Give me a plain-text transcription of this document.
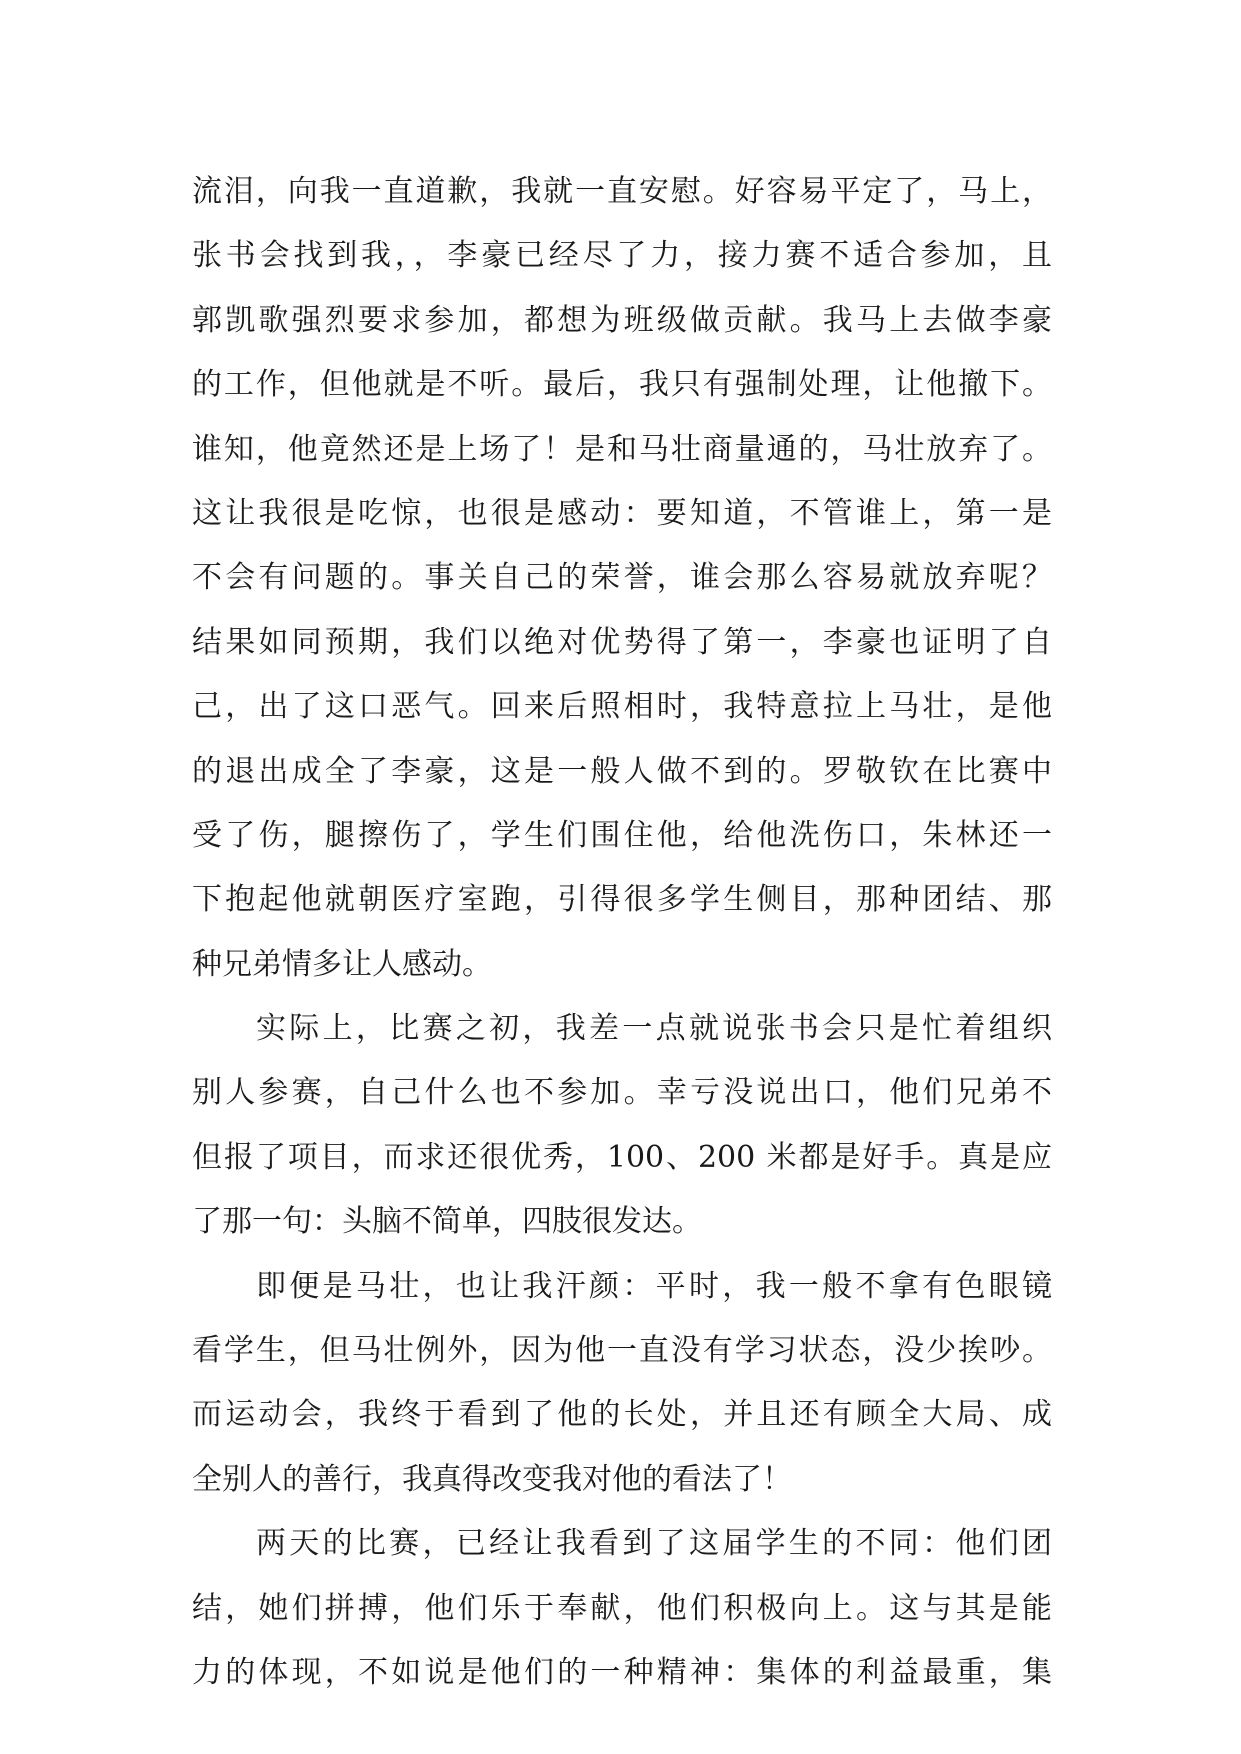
流泪，向我一直道歉，我就一直安慰。好容易平定了，马上，
张书会找到我，，李豪已经尽了力，接力赛不适合参加，且
郭凯歌强烈要求参加，都想为班级做贡献。我马上去做李豪
的工作，但他就是不听。最后，我只有强制处理，让他撤下。
谁知，他竟然还是上场了！是和马壮商量通的，马壮放弃了。
这让我很是吃惊，也很是感动：要知道，不管谁上，第一是
不会有问题的。事关自己的荣誉，谁会那么容易就放弃呢？
结果如同预期，我们以绝对优势得了第一，李豪也证明了自
己，出了这口恶气。回来后照相时，我特意拉上马壮，是他
的退出成全了李豪，这是一般人做不到的。罗敬钦在比赛中
受了伤，腿擦伤了，学生们围住他，给他洗伤口，朱林还一
下抱起他就朝医疗室跑，引得很多学生侧目，那种团结、那
种兄弟情多让人感动。
实际上，比赛之初，我差一点就说张书会只是忙着组织
别人参赛，自己什么也不参加。幸亏没说出口，他们兄弟不
但报了项目，而求还很优秀，100、200 米都是好手。真是应
了那一句：头脑不简单，四肢很发达。
即便是马壮，也让我汗颜：平时，我一般不拿有色眼镜
看学生，但马壮例外，因为他一直没有学习状态，没少挨吵。
而运动会，我终于看到了他的长处，并且还有顾全大局、成
全别人的善行，我真得改变我对他的看法了！
两天的比赛，已经让我看到了这届学生的不同：他们团
结，她们拼搏，他们乐于奉献，他们积极向上。这与其是能
力的体现，不如说是他们的一种精神：集体的利益最重，集
